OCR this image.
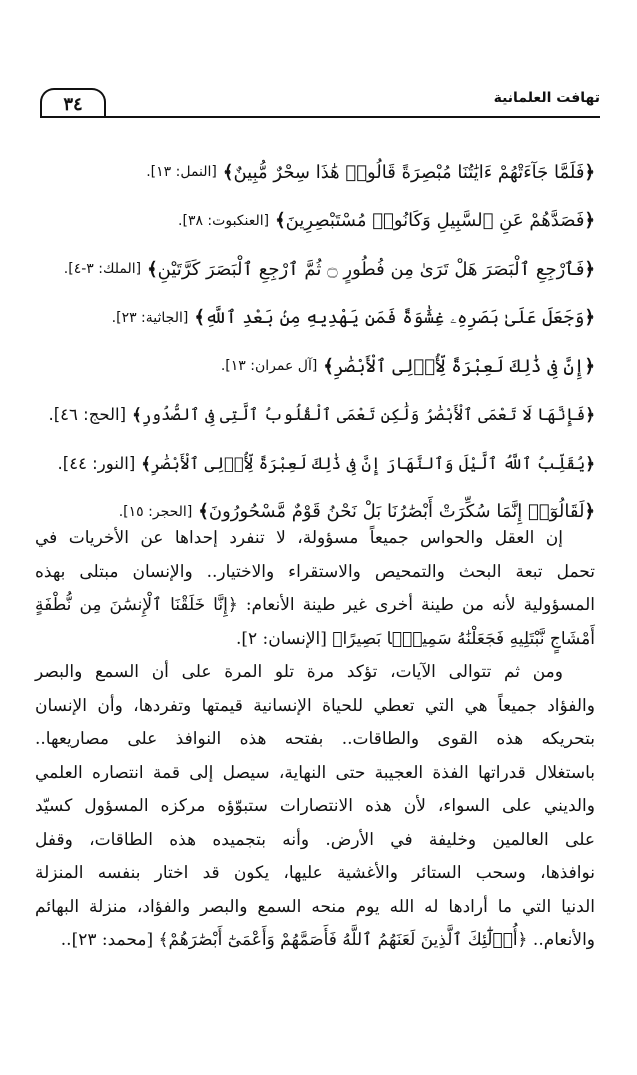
٣٤	تهافت العلمانية
﴿
فَلَمَّا جَآءَتْهُمْ ءَايَٰتُنَا مُبْصِرَةً قَالُوا۟ هَٰذَا سِحْرٌ مُّبِينٌ
﴾
[النمل: ١٣].
﴿
فَصَدَّهُمْ عَنِ ٱلسَّبِيلِ وَكَانُوا۟ مُسْتَبْصِرِينَ
﴾
[العنكبوت: ٣٨].
﴿
فَٱرْجِعِ ٱلْبَصَرَ هَلْ تَرَىٰ مِن فُطُورٍ ۝ ثُمَّ ٱرْجِعِ ٱلْبَصَرَ كَرَّتَيْنِ
﴾
[الملك: ٣-٤].
﴿
وَجَعَلَ عَلَىٰ بَصَرِهِۦ غِشَٰوَةً فَمَن يَهْدِيهِ مِنۢ بَعْدِ ٱللَّهِ
﴾
[الجاثية: ٢٣].
﴿
إِنَّ فِى ذَٰلِكَ لَعِبْرَةً لِّأُو۟لِى ٱلْأَبْصَٰرِ
﴾
[آل عمران: ١٣].
﴿
فَإِنَّهَا لَا تَعْمَى ٱلْأَبْصَٰرُ وَلَٰكِن تَعْمَى ٱلْقُلُوبُ ٱلَّتِى فِى ٱلصُّدُورِ
﴾
[الحج: ٤٦].
﴿
يُقَلِّبُ ٱللَّهُ ٱلَّيْلَ وَٱلنَّهَارَ إِنَّ فِى ذَٰلِكَ لَعِبْرَةً لِّأُو۟لِى ٱلْأَبْصَٰرِ
﴾
[النور: ٤٤].
﴿
لَقَالُوٓا۟ إِنَّمَا سُكِّرَتْ أَبْصَٰرُنَا بَلْ نَحْنُ قَوْمٌ مَّسْحُورُونَ
﴾
[الحجر: ١٥].
إن العقل والحواس جميعاً مسؤولة، لا تنفرد إحداها عن الأخريات في
تحمل تبعة البحث والتمحيص والاستقراء والاختيار.. والإنسان مبتلى بهذه
المسؤولية لأنه من طينة أخرى غير طينة الأنعام: ﴿إِنَّا خَلَقْنَا ٱلْإِنسَٰنَ مِن نُّطْفَةٍ
أَمْشَاجٍ نَّبْتَلِيهِ فَجَعَلْنَٰهُ سَمِيعًۢا بَصِيرًا﴾ [الإنسان: ٢].
ومن ثم تتوالى الآيات، تؤكد مرة تلو المرة على أن السمع والبصر
والفؤاد جميعاً هي التي تعطي للحياة الإنسانية قيمتها وتفردها، وأن الإنسان
بتحريكه هذه القوى والطاقات.. بفتحه هذه النوافذ على مصاريعها..
باستغلال قدراتها الفذة العجيبة حتى النهاية، سيصل إلى قمة انتصاره العلمي
والديني على السواء، لأن هذه الانتصارات ستبوّؤه مركزه المسؤول كسيّد
على العالمين وخليفة في الأرض. وأنه بتجميده هذه الطاقات، وقفل
نوافذها، وسحب الستائر والأغشية عليها، يكون قد اختار بنفسه المنزلة
الدنيا التي ما أرادها له الله يوم منحه السمع والبصر والفؤاد، منزلة البهائم
والأنعام.. ﴿أُو۟لَٰٓئِكَ ٱلَّذِينَ لَعَنَهُمُ ٱللَّهُ فَأَصَمَّهُمْ وَأَعْمَىٰٓ أَبْصَٰرَهُمْ﴾ [محمد: ٢٣]..
